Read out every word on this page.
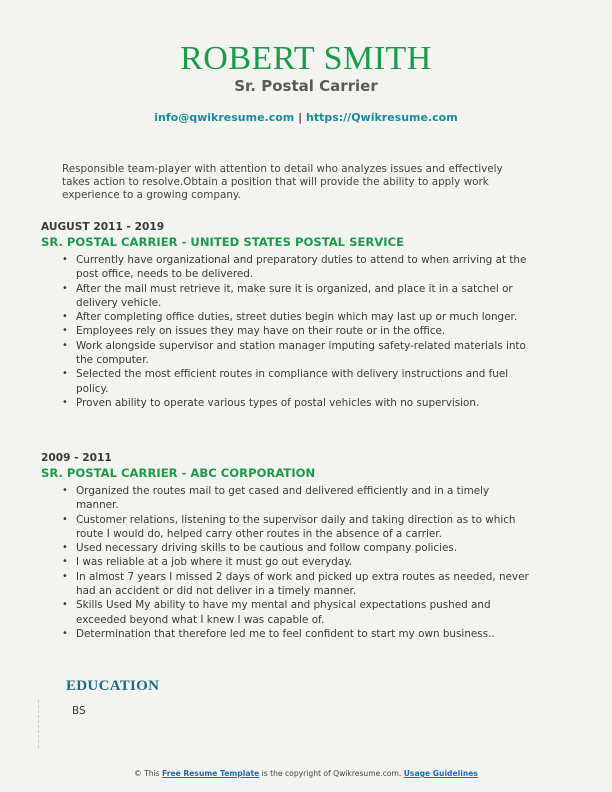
ROBERT SMITH
Sr. Postal Carrier
info@qwikresume.com | https://Qwikresume.com
Responsible team-player with attention to detail who analyzes issues and effectively takes action to resolve.Obtain a position that will provide the ability to apply work experience to a growing company.
AUGUST 2011 - 2019
SR. POSTAL CARRIER - UNITED STATES POSTAL SERVICE
• Currently have organizational and preparatory duties to attend to when arriving at the post office, needs to be delivered.
• After the mail must retrieve it, make sure it is organized, and place it in a satchel or delivery vehicle.
• After completing office duties, street duties begin which may last up or much longer.
• Employees rely on issues they may have on their route or in the office.
• Work alongside supervisor and station manager imputing safety-related materials into the computer.
• Selected the most efficient routes in compliance with delivery instructions and fuel policy.
• Proven ability to operate various types of postal vehicles with no supervision.
2009 - 2011
SR. POSTAL CARRIER - ABC CORPORATION
• Organized the routes mail to get cased and delivered efficiently and in a timely manner.
• Customer relations, listening to the supervisor daily and taking direction as to which route I would do, helped carry other routes in the absence of a carrier.
• Used necessary driving skills to be cautious and follow company policies.
• I was reliable at a job where it must go out everyday.
• In almost 7 years I missed 2 days of work and picked up extra routes as needed, never had an accident or did not deliver in a timely manner.
• Skills Used My ability to have my mental and physical expectations pushed and exceeded beyond what I knew I was capable of.
• Determination that therefore led me to feel confident to start my own business..
EDUCATION
BS
© This Free Resume Template is the copyright of Qwikresume.com. Usage Guidelines
